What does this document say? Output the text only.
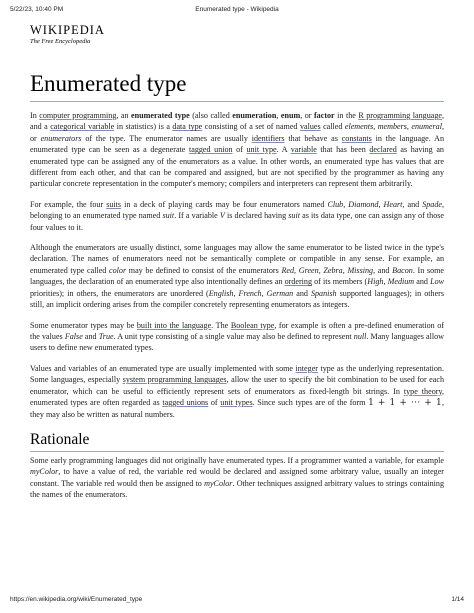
5/22/23, 10:40 PM	Enumerated type - Wikipedia
WIKIPEDIA
The Free Encyclopedia
Enumerated type

In computer programming, an enumerated type (also called enumeration, enum, or factor in the R programming language, and a categorical variable in statistics) is a data type consisting of a set of named values called elements, members, enumeral, or enumerators of the type. The enumerator names are usually identifiers that behave as constants in the language. An enumerated type can be seen as a degenerate tagged union of unit type. A variable that has been declared as having an enumerated type can be assigned any of the enumerators as a value. In other words, an enumerated type has values that are different from each other, and that can be compared and assigned, but are not specified by the programmer as having any particular concrete representation in the computer's memory; compilers and interpreters can represent them arbitrarily.

For example, the four suits in a deck of playing cards may be four enumerators named Club, Diamond, Heart, and Spade, belonging to an enumerated type named suit. If a variable V is declared having suit as its data type, one can assign any of those four values to it.

Although the enumerators are usually distinct, some languages may allow the same enumerator to be listed twice in the type's declaration. The names of enumerators need not be semantically complete or compatible in any sense. For example, an enumerated type called color may be defined to consist of the enumerators Red, Green, Zebra, Missing, and Bacon. In some languages, the declaration of an enumerated type also intentionally defines an ordering of its members (High, Medium and Low priorities); in others, the enumerators are unordered (English, French, German and Spanish supported languages); in others still, an implicit ordering arises from the compiler concretely representing enumerators as integers.

Some enumerator types may be built into the language. The Boolean type, for example is often a pre-defined enumeration of the values False and True. A unit type consisting of a single value may also be defined to represent null. Many languages allow users to define new enumerated types.

Values and variables of an enumerated type are usually implemented with some integer type as the underlying representation. Some languages, especially system programming languages, allow the user to specify the bit combination to be used for each enumerator, which can be useful to efficiently represent sets of enumerators as fixed-length bit strings. In type theory, enumerated types are often regarded as tagged unions of unit types. Since such types are of the form 1 + 1 + ··· + 1, they may also be written as natural numbers.

Rationale

Some early programming languages did not originally have enumerated types. If a programmer wanted a variable, for example myColor, to have a value of red, the variable red would be declared and assigned some arbitrary value, usually an integer constant. The variable red would then be assigned to myColor. Other techniques assigned arbitrary values to strings containing the names of the enumerators.

https://en.wikipedia.org/wiki/Enumerated_type	1/14
